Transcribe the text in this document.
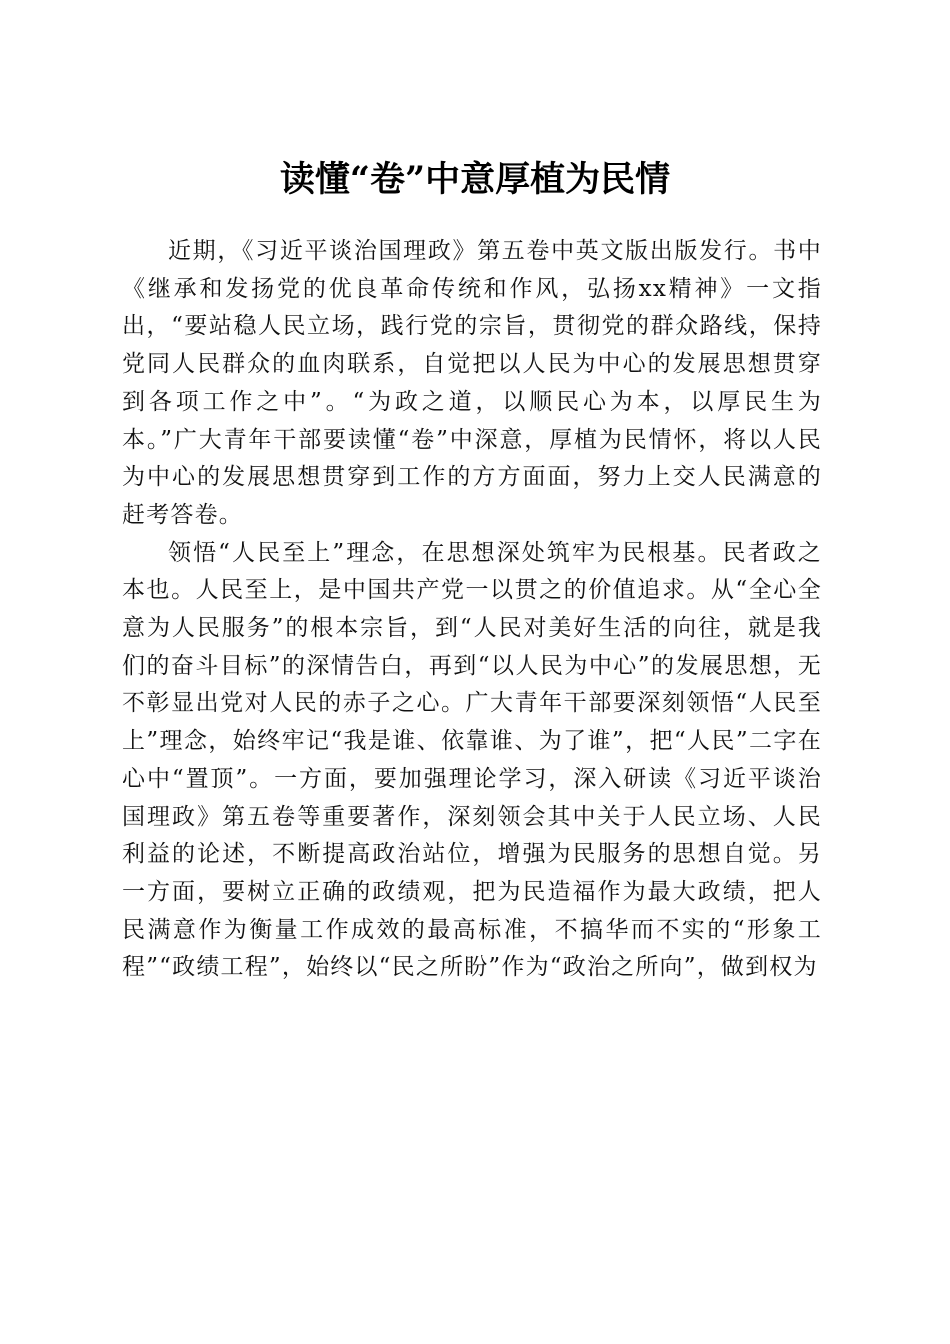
读懂“卷”中意厚植为民情

近期，《习近平谈治国理政》第五卷中英文版出版发行。书中《继承和发扬党的优良革命传统和作风，弘扬xx精神》一文指出，“要站稳人民立场，践行党的宗旨，贯彻党的群众路线，保持党同人民群众的血肉联系，自觉把以人民为中心的发展思想贯穿到各项工作之中”。“为政之道，以顺民心为本，以厚民生为本。”广大青年干部要读懂“卷”中深意，厚植为民情怀，将以人民为中心的发展思想贯穿到工作的方方面面，努力上交人民满意的赶考答卷。

领悟“人民至上”理念，在思想深处筑牢为民根基。民者政之本也。人民至上，是中国共产党一以贯之的价值追求。从“全心全意为人民服务”的根本宗旨，到“人民对美好生活的向往，就是我们的奋斗目标”的深情告白，再到“以人民为中心”的发展思想，无不彰显出党对人民的赤子之心。广大青年干部要深刻领悟“人民至上”理念，始终牢记“我是谁、依靠谁、为了谁”，把“人民”二字在心中“置顶”。一方面，要加强理论学习，深入研读《习近平谈治国理政》第五卷等重要著作，深刻领会其中关于人民立场、人民利益的论述，不断提高政治站位，增强为民服务的思想自觉。另一方面，要树立正确的政绩观，把为民造福作为最大政绩，把人民满意作为衡量工作成效的最高标准，不搞华而不实的“形象工程”“政绩工程”，始终以“民之所盼”作为“政治之所向”，做到权为
